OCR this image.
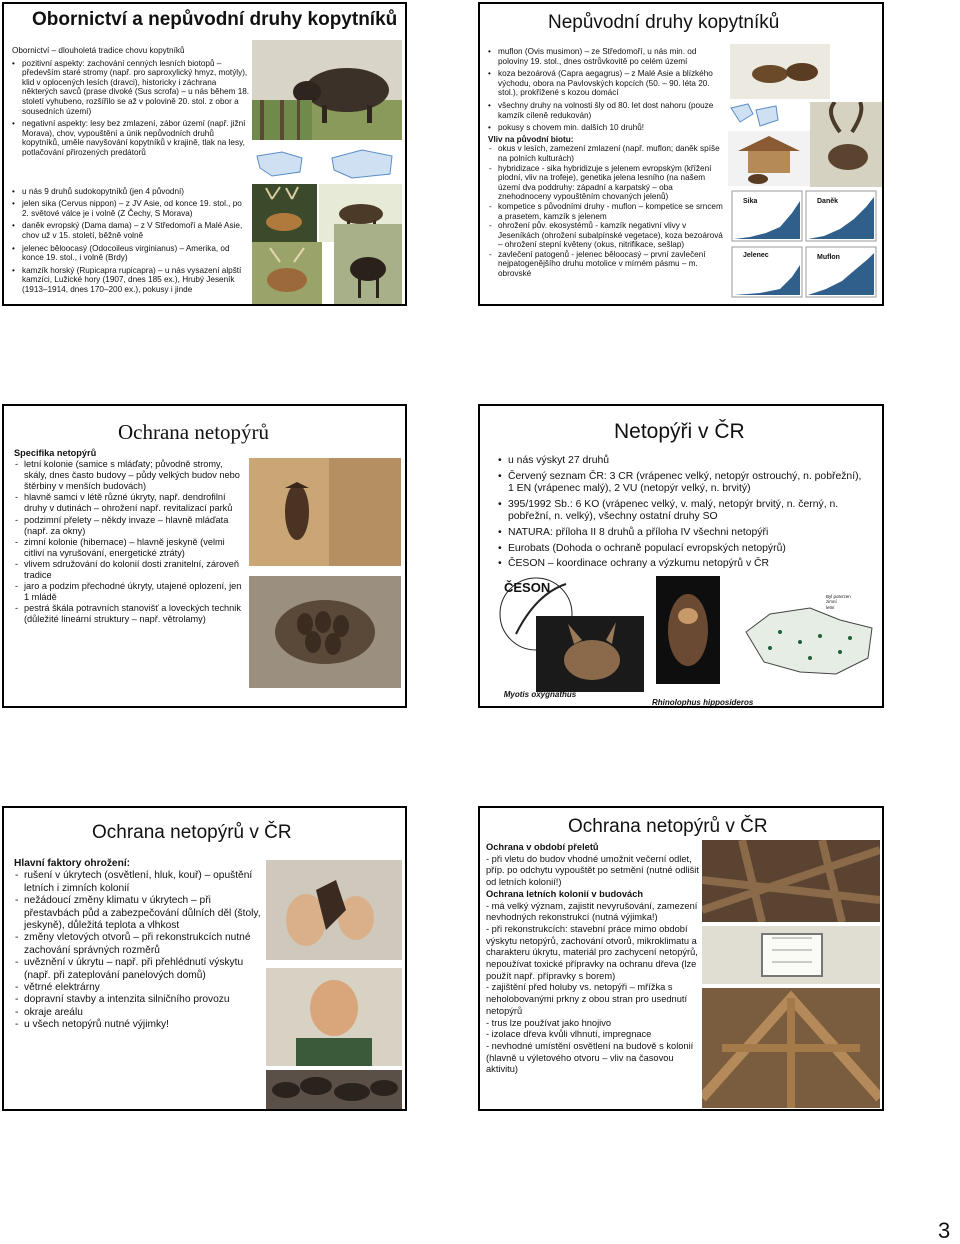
Obornictví a nepůvodní druhy kopytníků

Obornictví – dlouholetá tradice chovu kopytníků

• pozitivní aspekty: zachování cenných lesních biotopů – především staré stromy (např. pro saproxylický hmyz, motýly), klid v oplocených lesích (dravci), historicky i záchrana některých savců (prase divoké (Sus scrofa) – u nás během 18. století vyhubeno, rozšířilo se až v polovině 20. stol. z obor a sousedních území)

• negativní aspekty: lesy bez zmlazení, zábor území (např. jižní Morava), chov, vypouštění a únik nepůvodních druhů kopytníků, uměle navyšování kopytníků v krajině, tlak na lesy, potlačování přirozených predátorů

• u nás 9 druhů sudokopytníků (jen 4 původní)

• jelen sika (Cervus nippon) – z JV Asie, od konce 19. stol., po 2. světové válce je i volně (Z Čechy, S Morava)

• daněk evropský (Dama dama) – z V Středomoří a Malé Asie, chov už v 15. století, běžně volně

• jelenec běloocasý (Odocoileus virginianus) – Amerika, od konce 19. stol., i volně (Brdy)

• kamzík horský (Rupicapra rupicapra) – u nás vysazení alpští kamzíci, Lužické hory (1907, dnes 185 ex.), Hrubý Jeseník (1913–1914, dnes 170–200 ex.), pokusy i jinde

Nepůvodní druhy kopytníků

• muflon (Ovis musimon) – ze Středomoří, u nás min. od poloviny 19. stol., dnes ostrůvkovitě po celém území

• koza bezoárová (Capra aegagrus) – z Malé Asie a blízkého východu, obora na Pavlovských kopcích (50. – 90. léta 20. stol.), prokřížené s kozou domácí

• všechny druhy na volnosti šly od 80. let dost nahoru (pouze kamzík cíleně redukován)

• pokusy s chovem min. dalších 10 druhů!

Vliv na původní biotu:

- okus v lesích, zamezení zmlazení (např. muflon; daněk spíše na polních kulturách)

- hybridizace - sika hybridizuje s jelenem evropským (křížení plodní, vliv na trofeje), genetika jelena lesního (na našem území dva poddruhy: západní a karpatský – oba znehodnoceny vypouštěním chovaných jelenů)

- kompetice s původními druhy - muflon – kompetice se srncem a prasetem, kamzík s jelenem

- ohrožení pův. ekosystémů - kamzík negativní vlivy v Jeseníkách (ohrožení subalpínské vegetace), koza bezoárová – ohrožení stepní květeny (okus, nitrifikace, sešlap)

- zavlečení patogenů - jelenec běloocasý – první zavlečení nejpatogenějšího druhu motolice v mírném pásmu – m. obrovské

Sika	Daněk
Jelenec	Muflon
Ochrana netopýrů

Specifika netopýrů

- letní kolonie (samice s mláďaty; původně stromy, skály, dnes často budovy – půdy velkých budov nebo štěrbiny v menších budovách)

- hlavně samci v létě různé úkryty, např. dendrofilní druhy v dutinách – ohrožení např. revitalizací parků

- podzimní přelety – někdy invaze – hlavně mláďata (např. za okny)

- zimní kolonie (hibernace) – hlavně jeskyně (velmi citliví na vyrušování, energetické ztráty)

- vlivem sdružování do kolonií dosti zranitelní, zároveň tradice

- jaro a podzim přechodné úkryty, utajené oplození, jen 1 mládě

- pestrá škála potravních stanovišť a loveckých technik (důležité lineární struktury – např. větrolamy)

Netopýři v ČR

• u nás výskyt 27 druhů

• Červený seznam ČR: 3 CR (vrápenec velký, netopýr ostrouchý, n. pobřežní), 1 EN (vrápenec malý), 2 VU (netopýr velký, n. brvitý)

• 395/1992 Sb.: 6 KO (vrápenec velký, v. malý, netopýr brvitý, n. černý, n. pobřežní, n. velký), všechny ostatní druhy SO

• NATURA: příloha II 8 druhů a příloha IV všechni netopýři

• Eurobats (Dohoda o ochraně populací evropských netopýrů)

• ČESON – koordinace ochrany a výzkumu netopýrů v ČR

ČESON
Byl potvrzen
zimní
letní
Myotis oxygnathus
Rhinolophus hipposideros
Ochrana netopýrů v ČR

Hlavní faktory ohrožení:

- rušení v úkrytech (osvětlení, hluk, kouř) – opuštění letních i zimních kolonií

- nežádoucí změny klimatu v úkrytech – při přestavbách půd a zabezpečování důlních děl (štoly, jeskyně), důležitá teplota a vlhkost

- změny vletových otvorů – při rekonstrukcích nutné zachování správných rozměrů

- uvěznění v úkrytu – např. při přehlédnutí výskytu (např. při zateplování panelových domů)

- větrné elektrárny

- dopravní stavby a intenzita silničního provozu

- okraje areálu

- u všech netopýrů nutné výjimky!

Ochrana netopýrů v ČR

Ochrana v období přeletů

- při vletu do budov vhodné umožnit večerní odlet, příp. po odchytu vypouštět po setmění (nutné odlišit od letních kolonií!)

Ochrana letních kolonií v budovách

- má velký význam, zajistit nevyrušování, zamezení nevhodných rekonstrukcí (nutná výjimka!)

- při rekonstrukcích: stavební práce mimo období výskytu netopýrů, zachování otvorů, mikroklimatu a charakteru úkrytu, materiál pro zachycení netopýrů, nepoužívat toxické přípravky na ochranu dřeva (lze použít např. přípravky s borem)

- zajištění před holuby vs. netopýři – mřížka s neholobovanými prkny z obou stran pro usednutí netopýrů

- trus lze používat jako hnojivo

- izolace dřeva kvůli vlhnutí, impregnace

- nevhodné umístění osvětlení na budově s kolonií (hlavně u výletového otvoru – vliv na časovou aktivitu)

3
